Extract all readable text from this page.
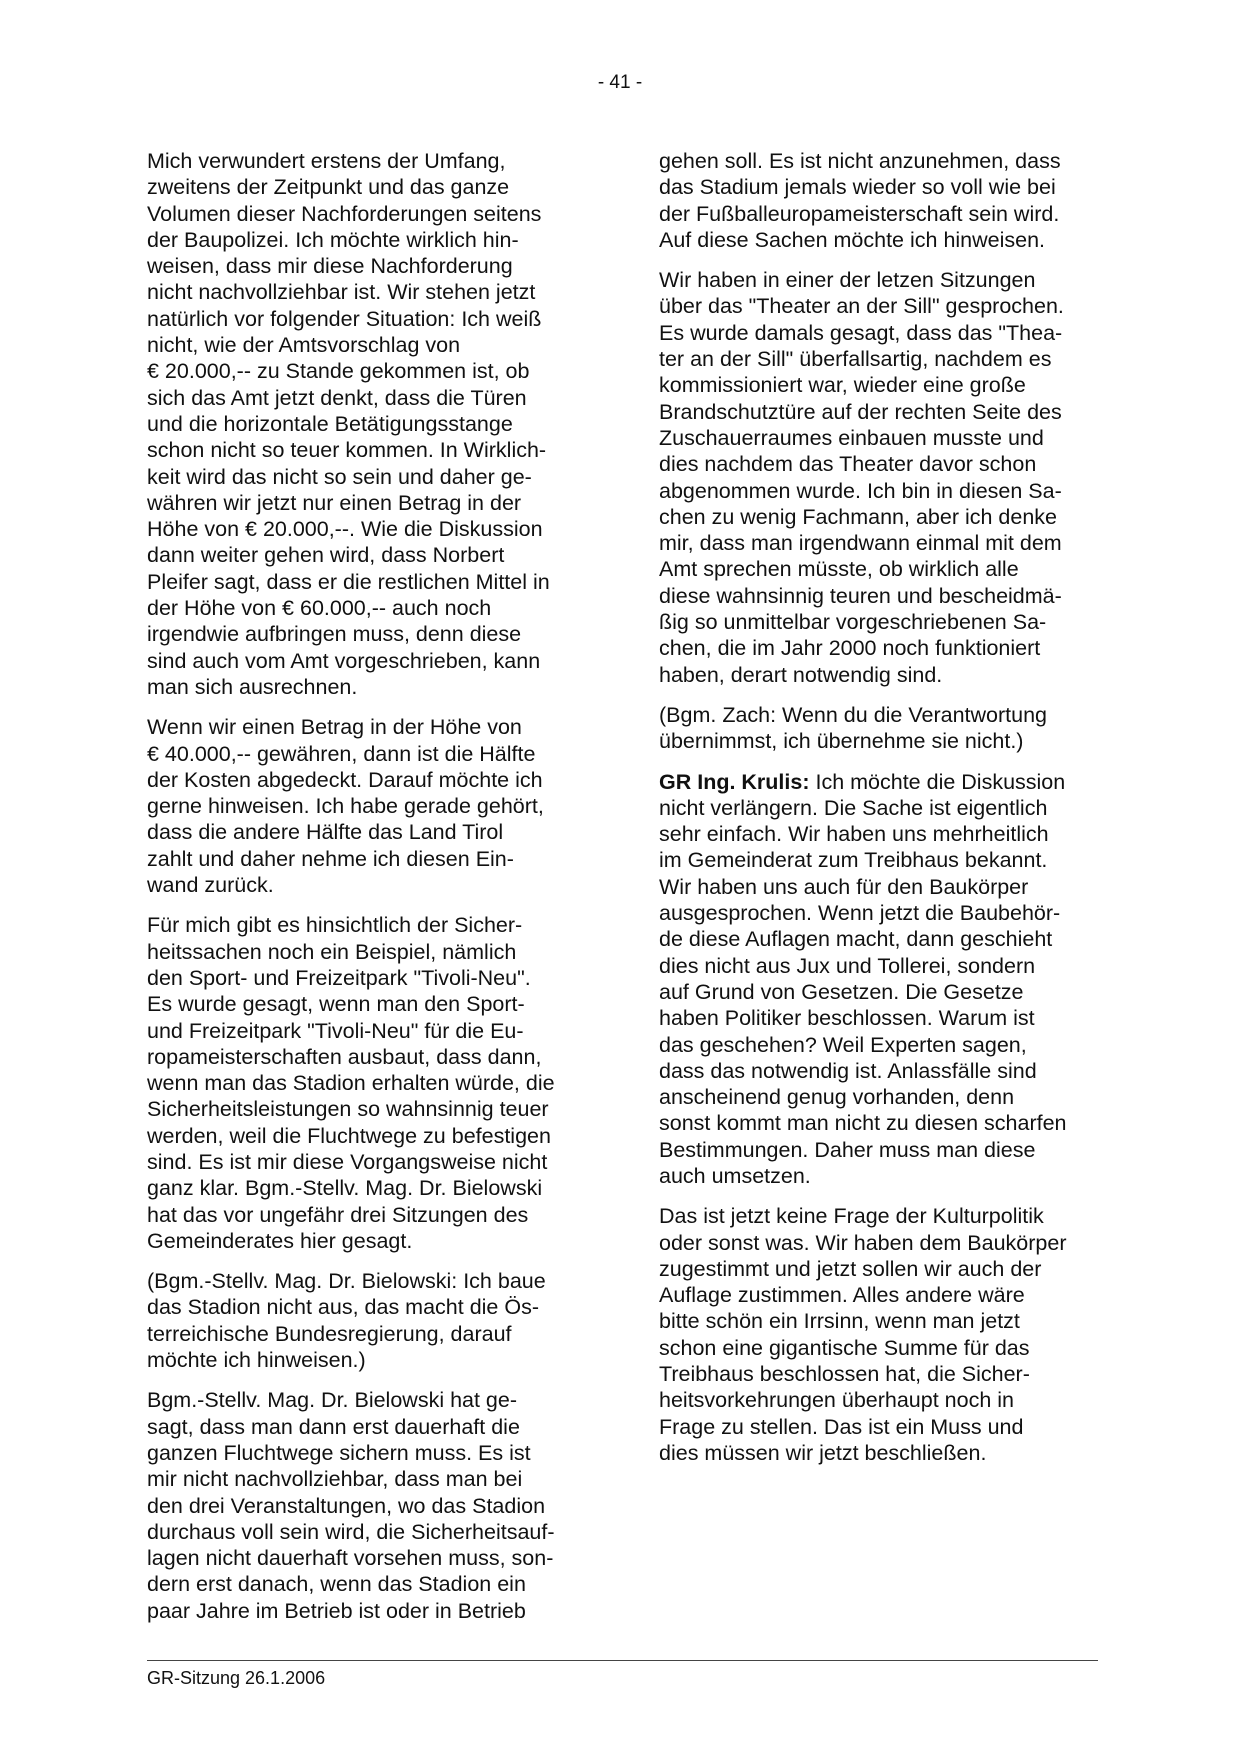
- 41 -

Mich verwundert erstens der Umfang,
zweitens der Zeitpunkt und das ganze
Volumen dieser Nachforderungen seitens
der Baupolizei. Ich möchte wirklich hin-
weisen, dass mir diese Nachforderung
nicht nachvollziehbar ist. Wir stehen jetzt
natürlich vor folgender Situation: Ich weiß
nicht, wie der Amtsvorschlag von
€ 20.000,-- zu Stande gekommen ist, ob
sich das Amt jetzt denkt, dass die Türen
und die horizontale Betätigungsstange
schon nicht so teuer kommen. In Wirklich-
keit wird das nicht so sein und daher ge-
währen wir jetzt nur einen Betrag in der
Höhe von € 20.000,--. Wie die Diskussion
dann weiter gehen wird, dass Norbert
Pleifer sagt, dass er die restlichen Mittel in
der Höhe von € 60.000,-- auch noch
irgendwie aufbringen muss, denn diese
sind auch vom Amt vorgeschrieben, kann
man sich ausrechnen.

Wenn wir einen Betrag in der Höhe von
€ 40.000,-- gewähren, dann ist die Hälfte
der Kosten abgedeckt. Darauf möchte ich
gerne hinweisen. Ich habe gerade gehört,
dass die andere Hälfte das Land Tirol
zahlt und daher nehme ich diesen Ein-
wand zurück.

Für mich gibt es hinsichtlich der Sicher-
heitssachen noch ein Beispiel, nämlich
den Sport- und Freizeitpark "Tivoli-Neu".
Es wurde gesagt, wenn man den Sport-
und Freizeitpark "Tivoli-Neu" für die Eu-
ropameisterschaften ausbaut, dass dann,
wenn man das Stadion erhalten würde, die
Sicherheitsleistungen so wahnsinnig teuer
werden, weil die Fluchtwege zu befestigen
sind. Es ist mir diese Vorgangsweise nicht
ganz klar. Bgm.-Stellv. Mag. Dr. Bielowski
hat das vor ungefähr drei Sitzungen des
Gemeinderates hier gesagt.

(Bgm.-Stellv. Mag. Dr. Bielowski: Ich baue
das Stadion nicht aus, das macht die Ös-
terreichische Bundesregierung, darauf
möchte ich hinweisen.)

Bgm.-Stellv. Mag. Dr. Bielowski hat ge-
sagt, dass man dann erst dauerhaft die
ganzen Fluchtwege sichern muss. Es ist
mir nicht nachvollziehbar, dass man bei
den drei Veranstaltungen, wo das Stadion
durchaus voll sein wird, die Sicherheitsauf-
lagen nicht dauerhaft vorsehen muss, son-
dern erst danach, wenn das Stadion ein
paar Jahre im Betrieb ist oder in Betrieb

gehen soll. Es ist nicht anzunehmen, dass
das Stadium jemals wieder so voll wie bei
der Fußballeuropameisterschaft sein wird.
Auf diese Sachen möchte ich hinweisen.

Wir haben in einer der letzen Sitzungen
über das "Theater an der Sill" gesprochen.
Es wurde damals gesagt, dass das "Thea-
ter an der Sill" überfallsartig, nachdem es
kommissioniert war, wieder eine große
Brandschutztüre auf der rechten Seite des
Zuschauerraumes einbauen musste und
dies nachdem das Theater davor schon
abgenommen wurde. Ich bin in diesen Sa-
chen zu wenig Fachmann, aber ich denke
mir, dass man irgendwann einmal mit dem
Amt sprechen müsste, ob wirklich alle
diese wahnsinnig teuren und bescheidmä-
ßig so unmittelbar vorgeschriebenen Sa-
chen, die im Jahr 2000 noch funktioniert
haben, derart notwendig sind.

(Bgm. Zach: Wenn du die Verantwortung
übernimmst, ich übernehme sie nicht.)

GR Ing. Krulis: Ich möchte die Diskussion
nicht verlängern. Die Sache ist eigentlich
sehr einfach. Wir haben uns mehrheitlich
im Gemeinderat zum Treibhaus bekannt.
Wir haben uns auch für den Baukörper
ausgesprochen. Wenn jetzt die Baubehör-
de diese Auflagen macht, dann geschieht
dies nicht aus Jux und Tollerei, sondern
auf Grund von Gesetzen. Die Gesetze
haben Politiker beschlossen. Warum ist
das geschehen? Weil Experten sagen,
dass das notwendig ist. Anlassfälle sind
anscheinend genug vorhanden, denn
sonst kommt man nicht zu diesen scharfen
Bestimmungen. Daher muss man diese
auch umsetzen.

Das ist jetzt keine Frage der Kulturpolitik
oder sonst was. Wir haben dem Baukörper
zugestimmt und jetzt sollen wir auch der
Auflage zustimmen. Alles andere wäre
bitte schön ein Irrsinn, wenn man jetzt
schon eine gigantische Summe für das
Treibhaus beschlossen hat, die Sicher-
heitsvorkehrungen überhaupt noch in
Frage zu stellen. Das ist ein Muss und
dies müssen wir jetzt beschließen.

GR-Sitzung 26.1.2006
